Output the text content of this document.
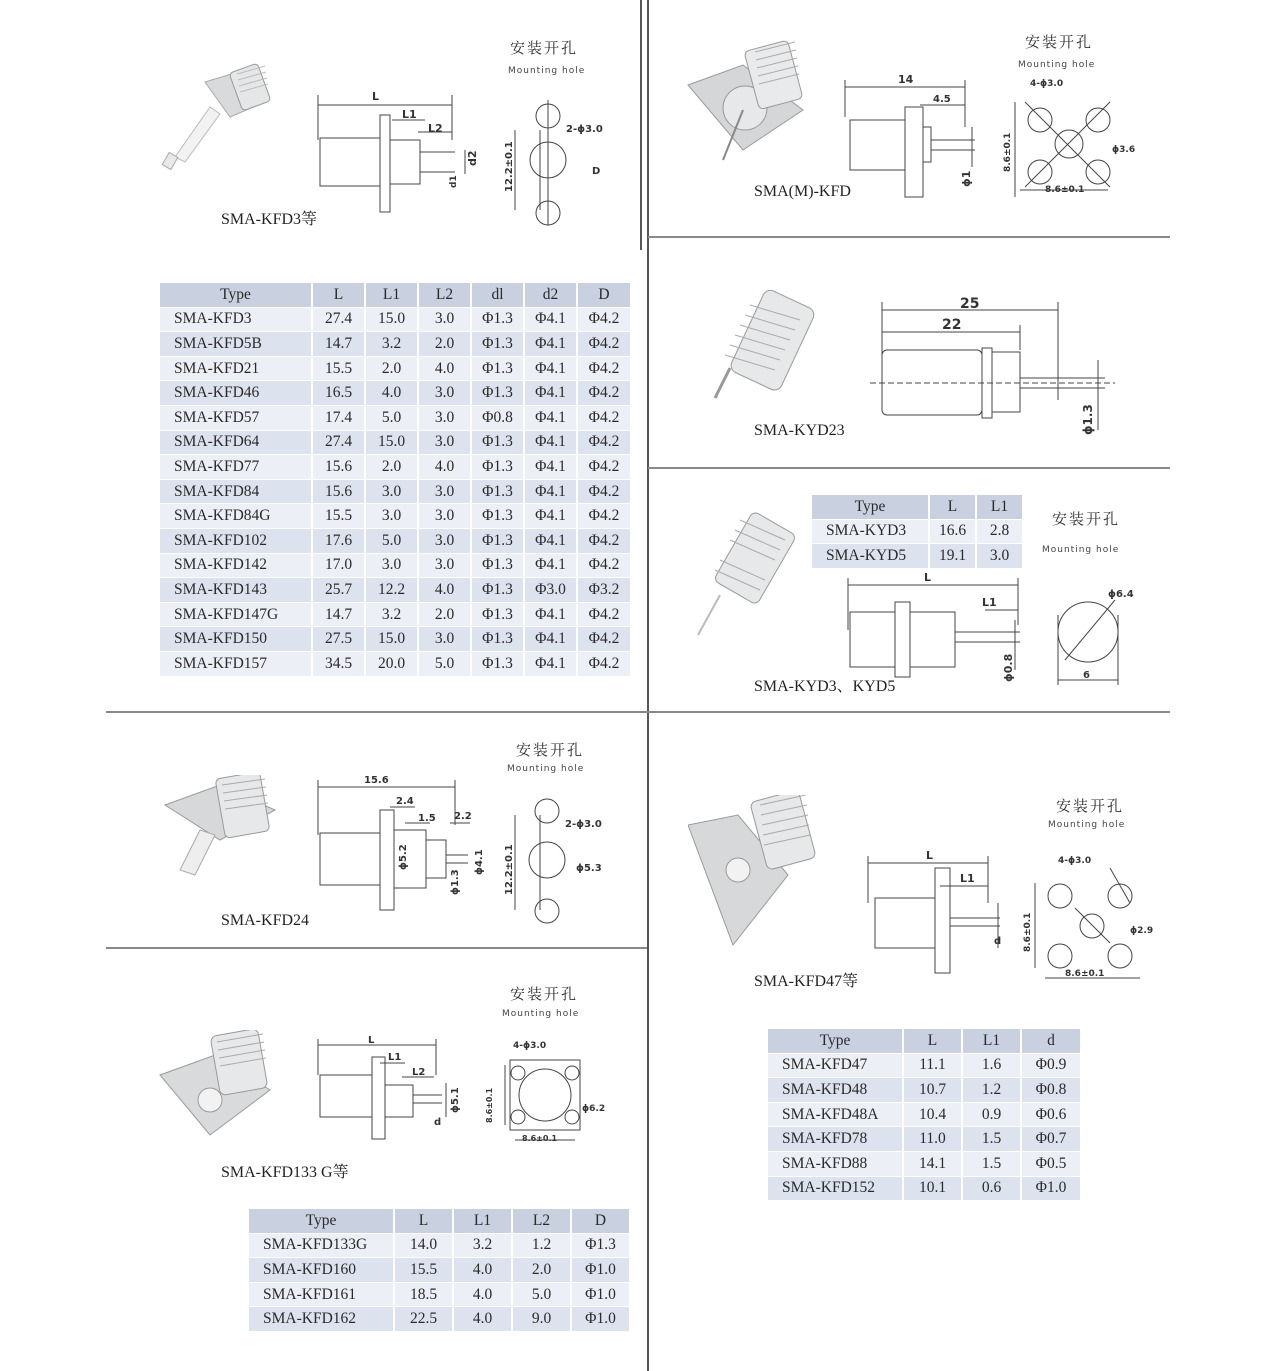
安装开孔
Mounting hole
L
L1
L2
d2
d1	12.2±0.1
2-ϕ3.0
D
SMA-KFD3等
Type	L	L1	L2	dl	d2	D
SMA-KFD3	27.4	15.0	3.0	Φ1.3	Φ4.1	Φ4.2
SMA-KFD5B	14.7	3.2	2.0	Φ1.3	Φ4.1	Φ4.2
SMA-KFD21	15.5	2.0	4.0	Φ1.3	Φ4.1	Φ4.2
SMA-KFD46	16.5	4.0	3.0	Φ1.3	Φ4.1	Φ4.2
SMA-KFD57	17.4	5.0	3.0	Φ0.8	Φ4.1	Φ4.2
SMA-KFD64	27.4	15.0	3.0	Φ1.3	Φ4.1	Φ4.2
SMA-KFD77	15.6	2.0	4.0	Φ1.3	Φ4.1	Φ4.2
SMA-KFD84	15.6	3.0	3.0	Φ1.3	Φ4.1	Φ4.2
SMA-KFD84G	15.5	3.0	3.0	Φ1.3	Φ4.1	Φ4.2
SMA-KFD102	17.6	5.0	3.0	Φ1.3	Φ4.1	Φ4.2
SMA-KFD142	17.0	3.0	3.0	Φ1.3	Φ4.1	Φ4.2
SMA-KFD143	25.7	12.2	4.0	Φ1.3	Φ3.0	Φ3.2
SMA-KFD147G	14.7	3.2	2.0	Φ1.3	Φ4.1	Φ4.2
SMA-KFD150	27.5	15.0	3.0	Φ1.3	Φ4.1	Φ4.2
SMA-KFD157	34.5	20.0	5.0	Φ1.3	Φ4.1	Φ4.2
安装开孔
Mounting hole
14
4.5
ϕ1
8.6±0.1
8.6±0.1
4-ϕ3.0
ϕ3.6
SMA(M)-KFD
25
22
ϕ1.3
SMA-KYD23
Type	L	L1
SMA-KYD3	16.6	2.8
SMA-KYD5	19.1	3.0
安装开孔
Mounting hole
L
L1
ϕ0.8
ϕ6.4
6
SMA-KYD3、KYD5
安装开孔
Mounting hole
15.6
2.4
1.5 2.2
ϕ5.2
ϕ1.3
ϕ4.1 12.2±0.1
2-ϕ3.0
ϕ5.3
SMA-KFD24
安装开孔
Mounting hole
L
L1
d 8.6±0.1
8.6±0.1
4-ϕ3.0
ϕ2.9
SMA-KFD47等
Type	L	L1	d
SMA-KFD47	11.1	1.6	Φ0.9
SMA-KFD48	10.7	1.2	Φ0.8
SMA-KFD48A	10.4	0.9	Φ0.6
SMA-KFD78	11.0	1.5	Φ0.7
SMA-KFD88	14.1	1.5	Φ0.5
SMA-KFD152	10.1	0.6	Φ1.0
安装开孔
Mounting hole
L
L1
L2
ϕ5.1
d	8.6±0.1
8.6±0.1
4-ϕ3.0
ϕ6.2
SMA-KFD133 G等
Type	L	L1	L2	D
SMA-KFD133G	14.0	3.2	1.2	Φ1.3
SMA-KFD160	15.5	4.0	2.0	Φ1.0
SMA-KFD161	18.5	4.0	5.0	Φ1.0
SMA-KFD162	22.5	4.0	9.0	Φ1.0
